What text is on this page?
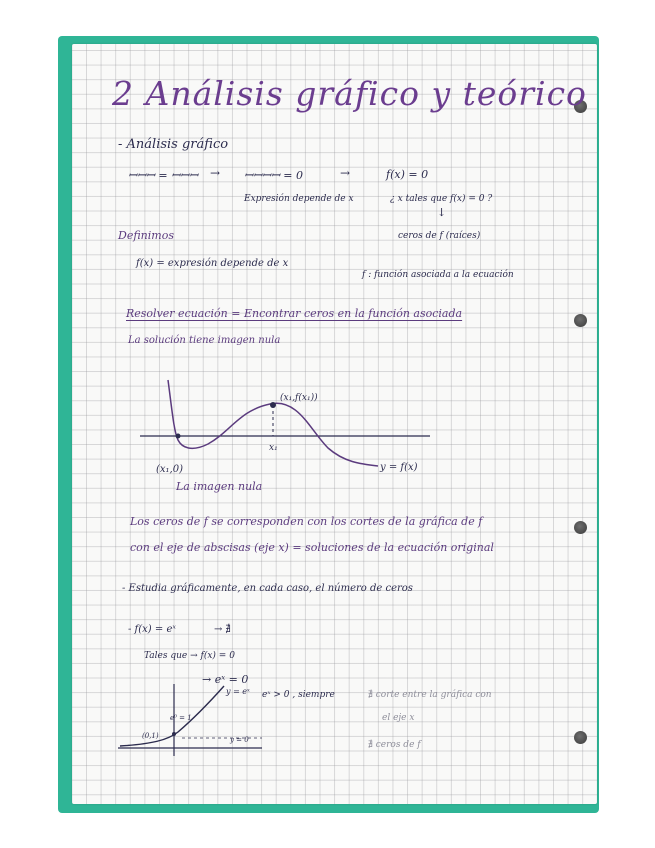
2 Análisis gráfico y teórico
- Análisis gráfico
ꟷꟷꟷ = ꟷꟷꟷ → ꟷꟷꟷꟷ = 0	→	f(x) = 0
Expresión depende de x	¿ x tales que f(x) = 0 ?
↓
Definimos	ceros de f (raíces)
f(x) = expresión depende de x
f : función asociada a la ecuación
Resolver ecuación = Encontrar ceros en la función asociada
La solución tiene imagen nula
(x₁,f(x₁))
x₁
(x₁,0)	y = f(x)
La imagen nula
Los ceros de f se corresponden con los cortes de la gráfica de f
con el eje de abscisas (eje x) = soluciones de la ecuación original
- Estudia gráficamente, en cada caso, el número de ceros
- f(x) = eˣ	→ ∄
Tales que → f(x) = 0
→ eˣ = 0
eˣ > 0 , siempre	∄ corte entre la gráfica con
el eje x
∄ ceros de f
y = eˣ
e⁰ = 1
(0,1)	y = 0
